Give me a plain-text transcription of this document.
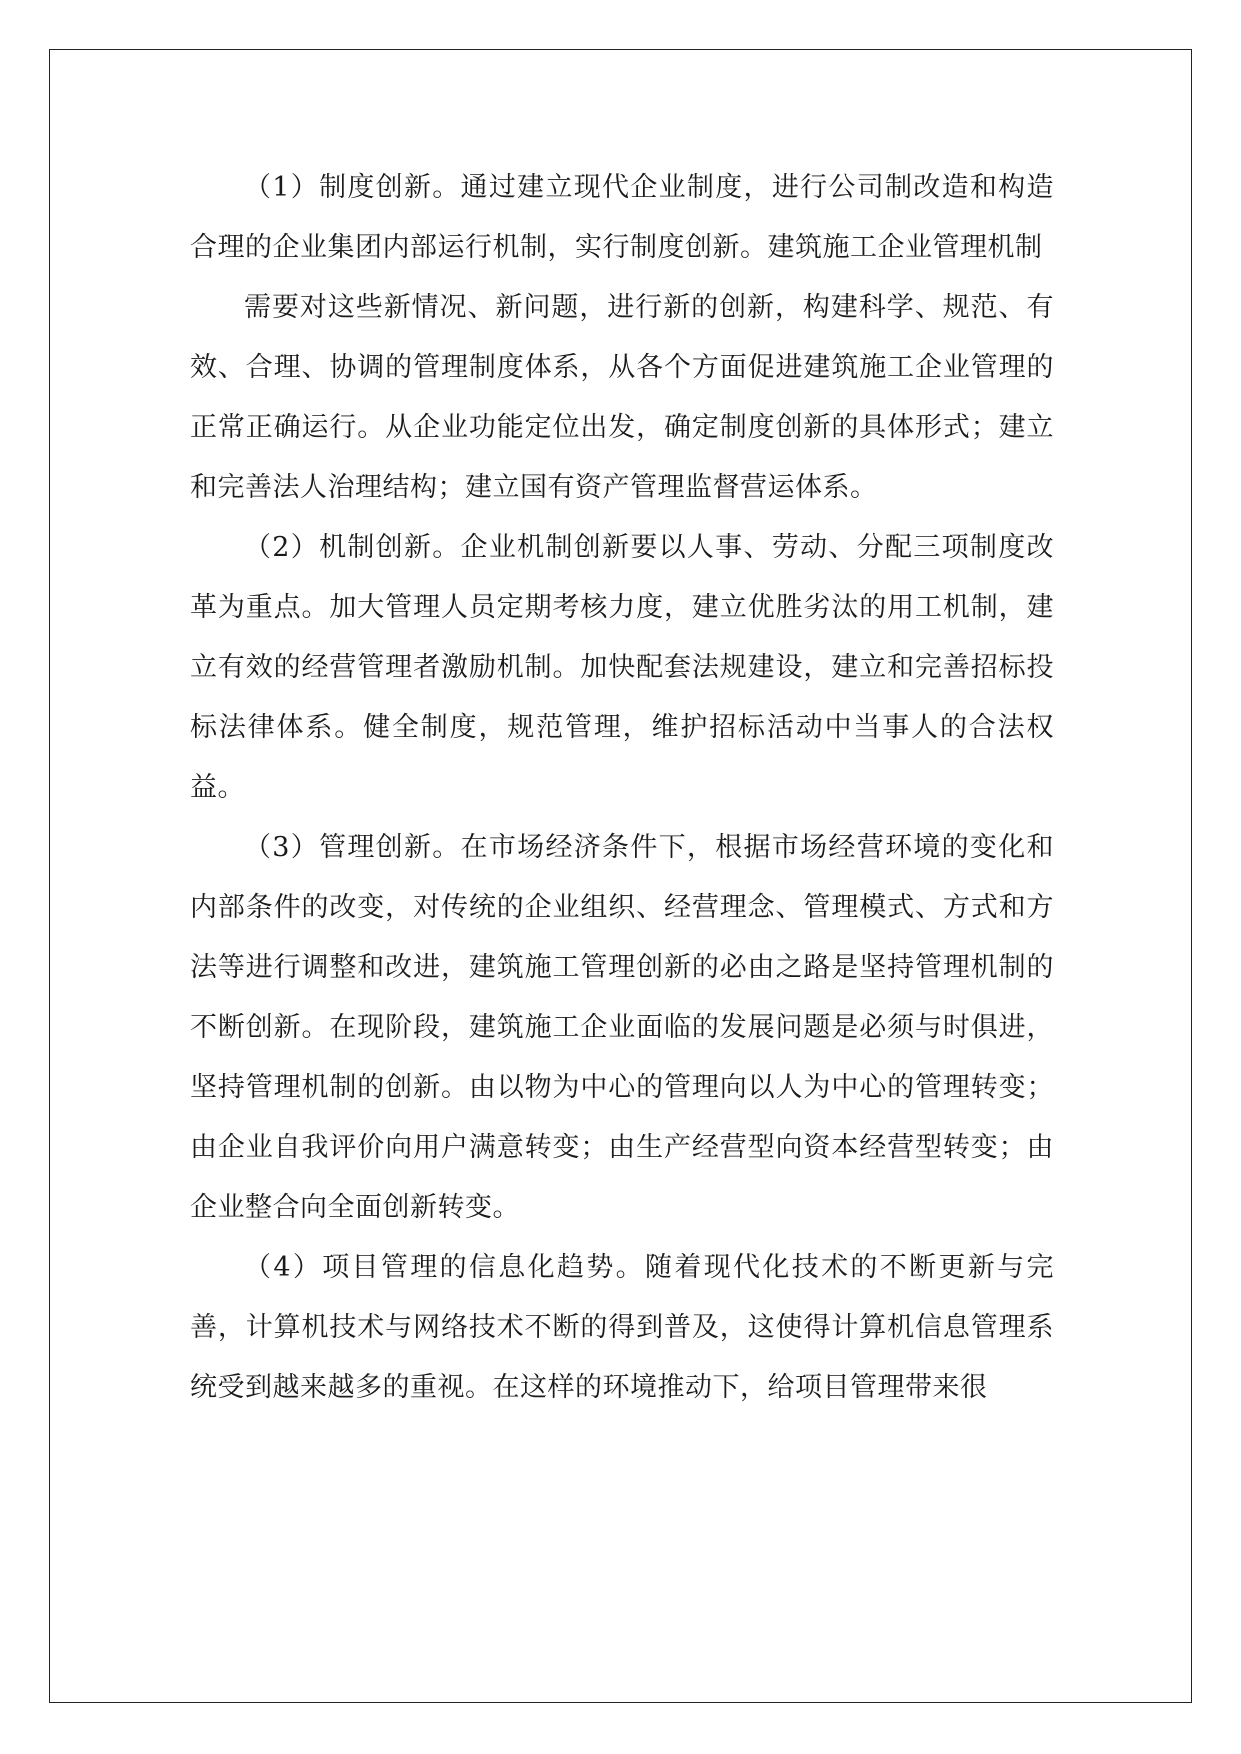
（1）制度创新。通过建立现代企业制度，进行公司制改造和构造合理的企业集团内部运行机制，实行制度创新。建筑施工企业管理机制

需要对这些新情况、新问题，进行新的创新，构建科学、规范、有效、合理、协调的管理制度体系，从各个方面促进建筑施工企业管理的正常正确运行。从企业功能定位出发，确定制度创新的具体形式；建立和完善法人治理结构；建立国有资产管理监督营运体系。

（2）机制创新。企业机制创新要以人事、劳动、分配三项制度改革为重点。加大管理人员定期考核力度，建立优胜劣汰的用工机制，建立有效的经营管理者激励机制。加快配套法规建设，建立和完善招标投标法律体系。健全制度，规范管理，维护招标活动中当事人的合法权益。

（3）管理创新。在市场经济条件下，根据市场经营环境的变化和内部条件的改变，对传统的企业组织、经营理念、管理模式、方式和方法等进行调整和改进，建筑施工管理创新的必由之路是坚持管理机制的不断创新。在现阶段，建筑施工企业面临的发展问题是必须与时俱进，坚持管理机制的创新。由以物为中心的管理向以人为中心的管理转变；由企业自我评价向用户满意转变；由生产经营型向资本经营型转变；由企业整合向全面创新转变。

（4）项目管理的信息化趋势。随着现代化技术的不断更新与完善，计算机技术与网络技术不断的得到普及，这使得计算机信息管理系统受到越来越多的重视。在这样的环境推动下，给项目管理带来很
